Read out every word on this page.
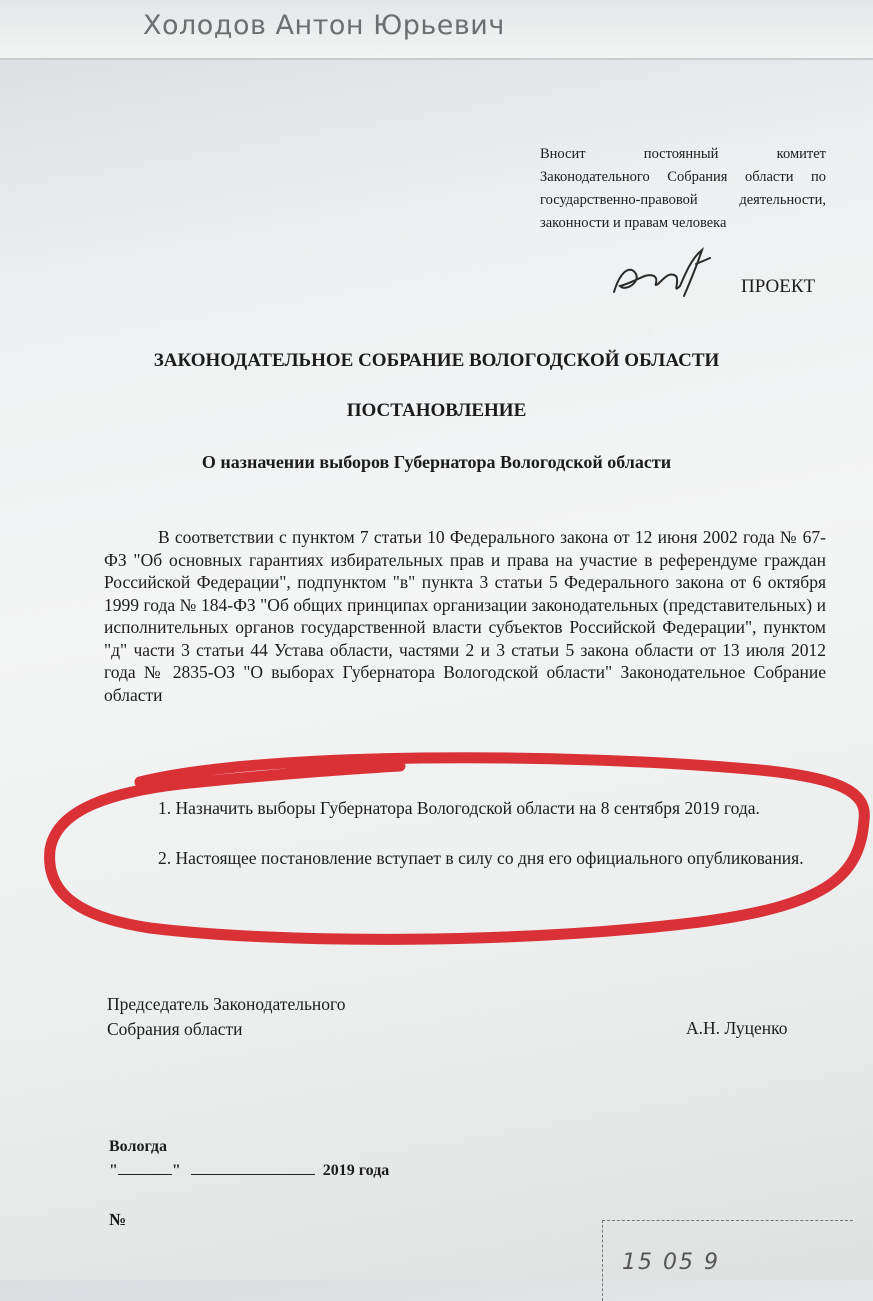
Холодов Антон Юрьевич
Вносит постоянный комитет Законодательного Собрания области по государственно-правовой деятельности, законности и правам человека
ПРОЕКТ
ЗАКОНОДАТЕЛЬНОЕ СОБРАНИЕ ВОЛОГОДСКОЙ ОБЛАСТИ
ПОСТАНОВЛЕНИЕ
О назначении выборов Губернатора Вологодской области

В соответствии с пунктом 7 статьи 10 Федерального закона от 12 июня 2002 года № 67-ФЗ "Об основных гарантиях избирательных прав и права на участие в референдуме граждан Российской Федерации", подпунктом "в" пункта 3 статьи 5 Федерального закона от 6 октября 1999 года № 184-ФЗ "Об общих принципах организации законодательных (представительных) и исполнительных органов государственной власти субъектов Российской Федерации", пунктом "д" части 3 статьи 44 Устава области, частями 2 и 3 статьи 5 закона области от 13 июля 2012 года № 2835-ОЗ "О выборах Губернатора Вологодской области" Законодательное Собрание области

1. Назначить выборы Губернатора Вологодской области на 8 сентября 2019 года.

2. Настоящее постановление вступает в силу со дня его официального опубликования.

Председатель Законодательного
Собрания области	А.Н. Луценко
Вологда
"	"	2019 года
№
15 05 9
